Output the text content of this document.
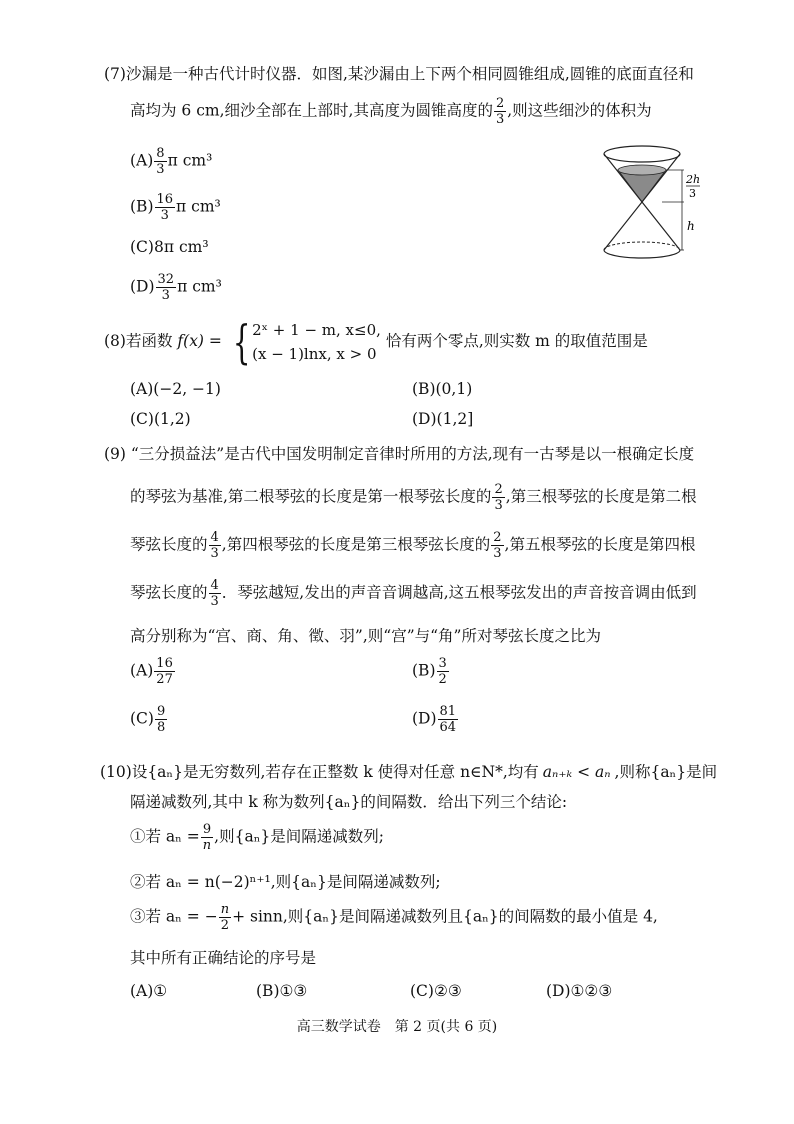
(7)沙漏是一种古代计时仪器．如图,某沙漏由上下两个相同圆锥组成,圆锥的底面直径和
高均为 6 cm,细沙全部在上部时,其高度为圆锥高度的 $\frac{2}{3}$ ,则这些细沙的体积为
$(A) \frac{8}{3}$ π cm³
$(B) \frac{16}{3}$ π cm³
(C)8π cm³
$(D) \frac{32}{3}$ π cm³
2h
3
h
(8)若函数 f(x) = { 2ˣ + 1 − m, x≤0,
(x − 1)lnx, x > 0
恰有两个零点,则实数 m 的取值范围是
(A)(−2, −1)	(B)(0,1)
(C)(1,2)	(D)(1,2]
(9) “三分损益法”是古代中国发明制定音律时所用的方法,现有一古琴是以一根确定长度
的琴弦为基准,第二根琴弦的长度是第一根琴弦长度的 $\frac{2}{3}$ ,第三根琴弦的长度是第二根
琴弦长度的 $\frac{4}{3}$ ,第四根琴弦的长度是第三根琴弦长度的 $\frac{2}{3}$ ,第五根琴弦的长度是第四根
琴弦长度的 $\frac{4}{3}$ ．琴弦越短,发出的声音音调越高,这五根琴弦发出的声音按音调由低到
高分别称为“宫、商、角、徵、羽”,则“宫”与“角”所对琴弦长度之比为
$(A) \frac{16}{27}$	$(B) \frac{3}{2}$
$(C) \frac{9}{8}$	$(D) \frac{81}{64}$
(10)设{aₙ}是无穷数列,若存在正整数 k 使得对任意 n∈N*,均有 aₙ₊ₖ < aₙ ,则称{aₙ}是间
隔递减数列,其中 k 称为数列{aₙ}的间隔数．给出下列三个结论:
①若 $a_n = \frac{9}{n}$ ,则{aₙ}是间隔递减数列;
②若 aₙ = n(−2)ⁿ⁺¹,则{aₙ}是间隔递减数列;
③若 aₙ = − $\frac{n}{2} + \sin n$,则{aₙ}是间隔递减数列且{aₙ}的间隔数的最小值是 4,
其中所有正确结论的序号是
(A)①	(B)①③	(C)②③	(D)①②③
高三数学试卷　第 2 页(共 6 页)
